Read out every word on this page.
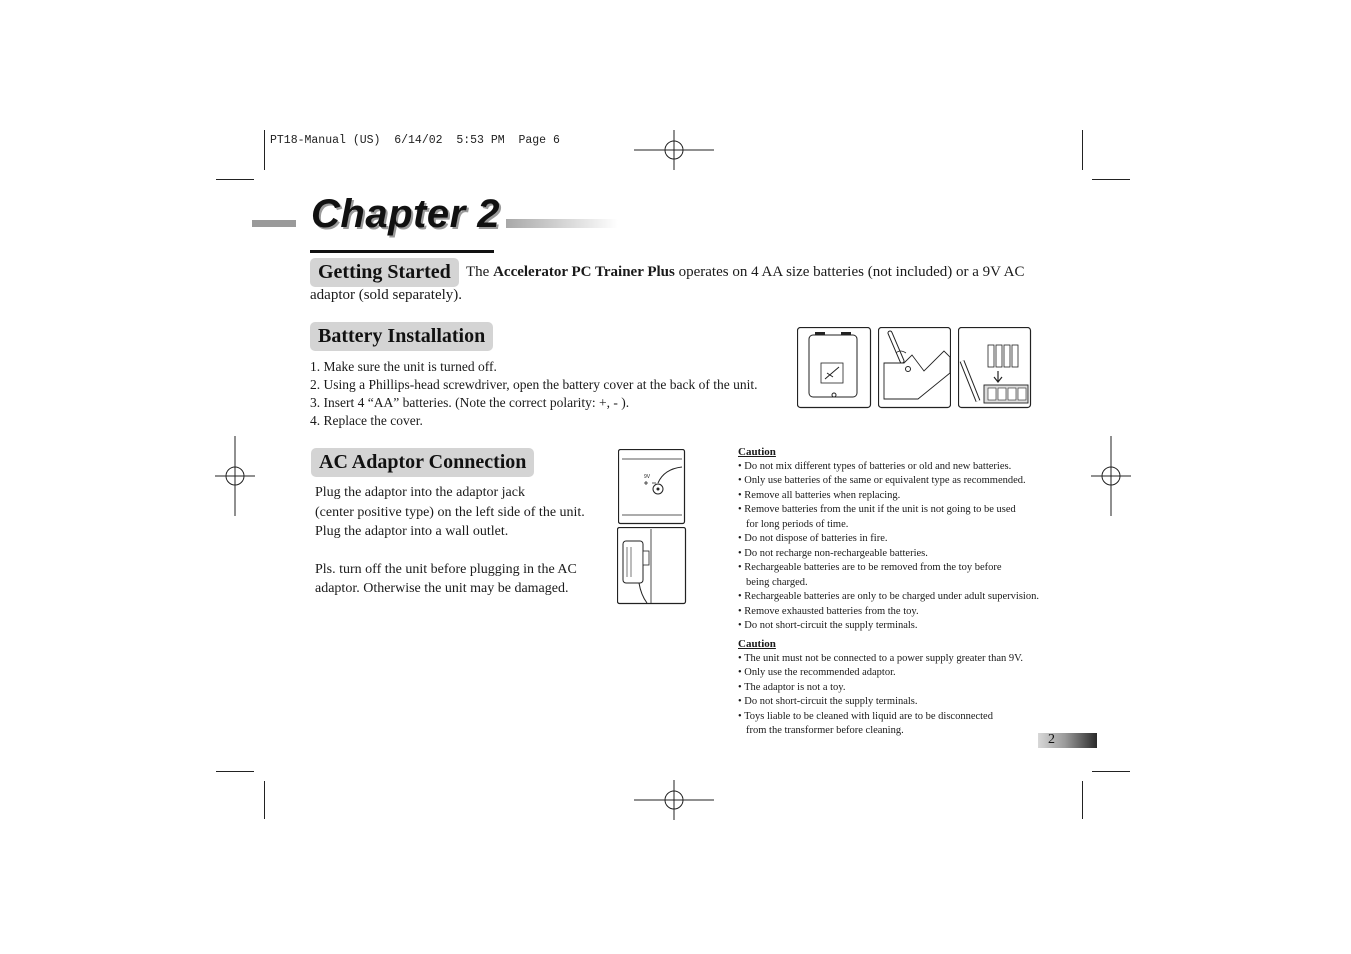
PT18-Manual (US)  6/14/02  5:53 PM  Page 6
Chapter 2
Getting Started	The Accelerator PC Trainer Plus operates on 4 AA size batteries (not included) or a 9V AC
adaptor (sold separately).
Battery Installation
1. Make sure the unit is turned off.
2. Using a Phillips-head screwdriver, open the battery cover at the back of the unit.
3. Insert 4 “AA” batteries. (Note the correct polarity: +, - ).
4. Replace the cover.
AC Adaptor Connection
Plug the adaptor into the adaptor jack
(center positive type) on the left side of the unit.
Plug the adaptor into a wall outlet.
Pls. turn off the unit before plugging in the AC
adaptor. Otherwise the unit may be damaged.
9V
Caution
• Do not mix different types of batteries or old and new batteries.
• Only use batteries of the same or equivalent type as recommended.
• Remove all batteries when replacing.
• Remove batteries from the unit if the unit is not going to be used
for long periods of time.
• Do not dispose of batteries in fire.
• Do not recharge non-rechargeable batteries.
• Rechargeable batteries are to be removed from the toy before
being charged.
• Rechargeable batteries are only to be charged under adult supervision.
• Remove exhausted batteries from the toy.
• Do not short-circuit the supply terminals.
Caution
• The unit must not be connected to a power supply greater than 9V.
• Only use the recommended adaptor.
• The adaptor is not a toy.
• Do not short-circuit the supply terminals.
• Toys liable to be cleaned with liquid are to be disconnected
from the transformer before cleaning.
2
